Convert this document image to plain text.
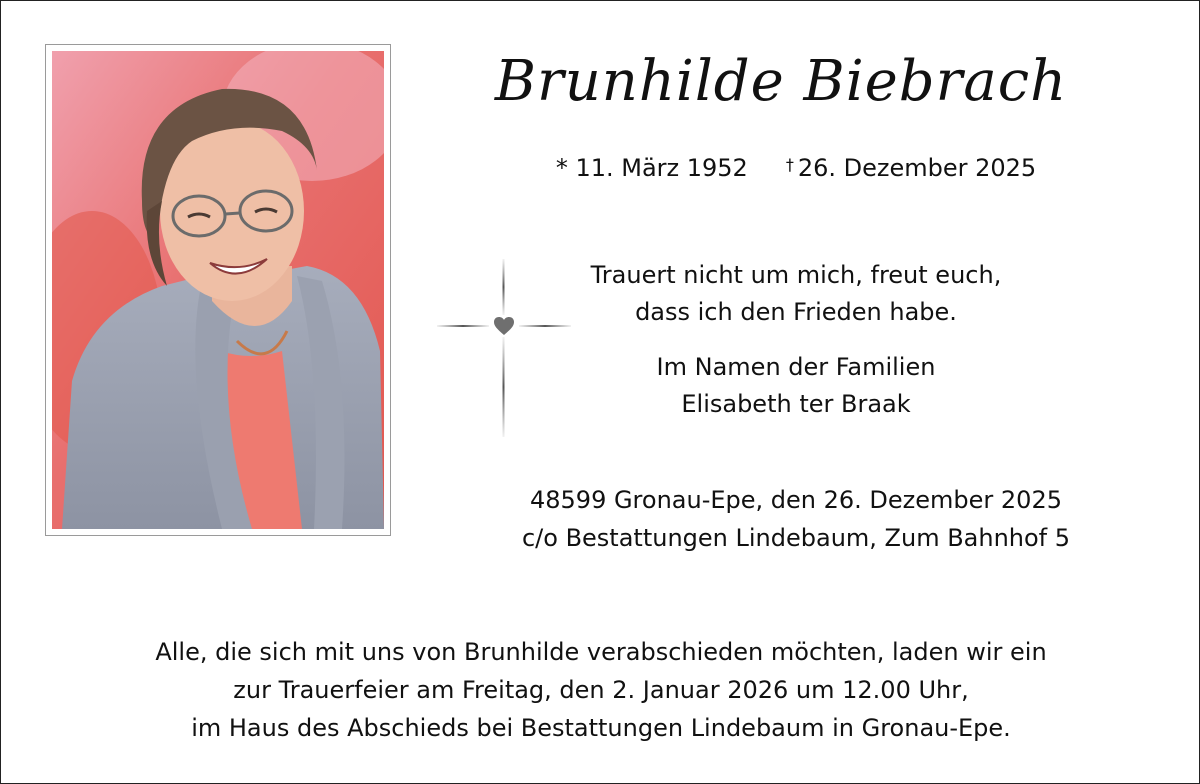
Brunhilde Biebrach
* 11. März 1952 † 26. Dezember 2025
Trauert nicht um mich, freut euch,
dass ich den Frieden habe.
Im Namen der Familien
Elisabeth ter Braak
48599 Gronau-Epe, den 26. Dezember 2025
c/o Bestattungen Lindebaum, Zum Bahnhof 5
Alle, die sich mit uns von Brunhilde verabschieden möchten, laden wir ein
zur Trauerfeier am Freitag, den 2. Januar 2026 um 12.00 Uhr,
im Haus des Abschieds bei Bestattungen Lindebaum in Gronau-Epe.
